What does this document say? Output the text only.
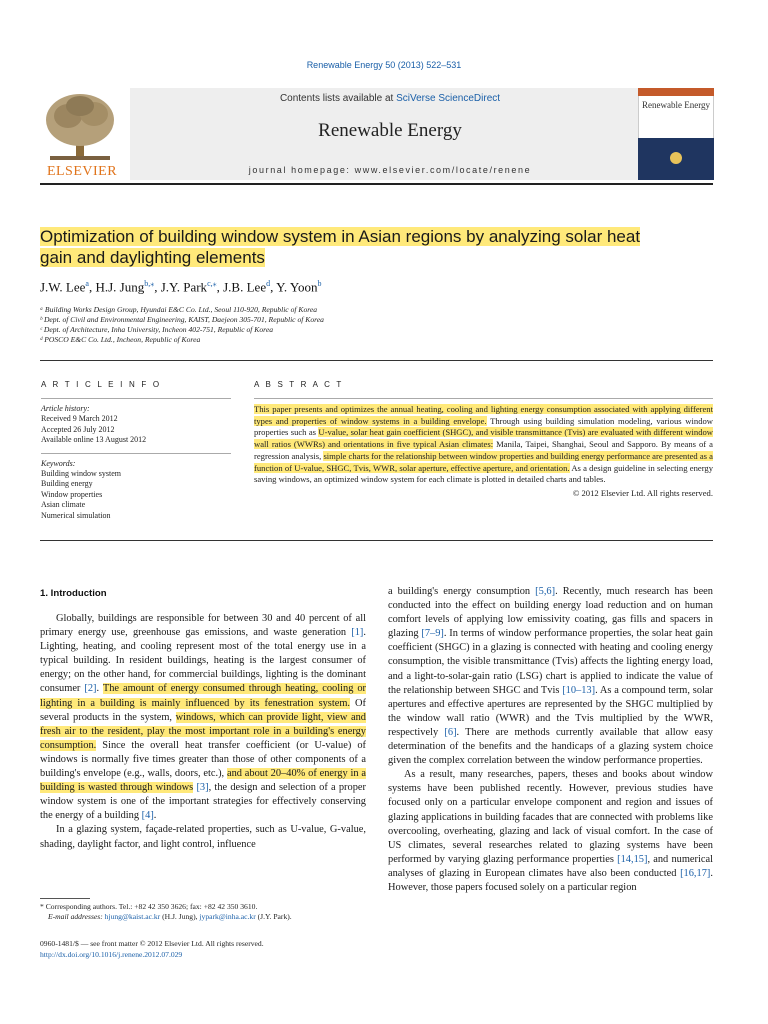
Renewable Energy 50 (2013) 522–531
ELSEVIER
Contents lists available at SciVerse ScienceDirect
Renewable Energy
journal homepage: www.elsevier.com/locate/renene
Renewable Energy
Optimization of building window system in Asian regions by analyzing solar heat
gain and daylighting elements
J.W. Lee$^a$, H.J. Jung$^{b,⁎}$, J.Y. Park$^{c,⁎}$, J.B. Lee$^d$, Y. Yoon$^b$
ᵃ Building Works Design Group, Hyundai E&C Co. Ltd., Seoul 110-920, Republic of Korea
ᵇ Dept. of Civil and Environmental Engineering, KAIST, Daejeon 305-701, Republic of Korea
ᶜ Dept. of Architecture, Inha University, Incheon 402-751, Republic of Korea
ᵈ POSCO E&C Co. Ltd., Incheon, Republic of Korea
A R T I C L E I N F O	A B S T R A C T
Article history:
Received 9 March 2012
Accepted 26 July 2012
Available online 13 August 2012
Keywords:
Building window system
Building energy
Window properties
Asian climate
Numerical simulation
This paper presents and optimizes the annual heating, cooling and lighting energy consumption associated with applying different types and properties of window systems in a building envelope. Through using building simulation modeling, various window properties such as U-value, solar heat gain coefficient (SHGC), and visible transmittance (Tvis) are evaluated with different window wall ratios (WWRs) and orientations in five typical Asian climates: Manila, Taipei, Shanghai, Seoul and Sapporo. By means of a regression analysis, simple charts for the relationship between window properties and building energy performance are presented as a function of U-value, SHGC, Tvis, WWR, solar aperture, effective aperture, and orientation. As a design guideline in selecting energy saving windows, an optimized window system for each climate is plotted in detailed charts and tables.
© 2012 Elsevier Ltd. All rights reserved.
1. Introduction

Globally, buildings are responsible for between 30 and 40 percent of all primary energy use, greenhouse gas emissions, and waste generation [1]. Lighting, heating, and cooling represent most of the total energy use in a typical building. In resident buildings, heating is the largest consumer of energy; on the other hand, for commercial buildings, lighting is the dominant consumer [2]. The amount of energy consumed through heating, cooling or lighting in a building is mainly influenced by its fenestration system. Of several products in the system, windows, which can provide light, view and fresh air to the resident, play the most important role in a building's energy consumption. Since the overall heat transfer coefficient (or U-value) of windows is normally five times greater than those of other components of a building's envelope (e.g., walls, doors, etc.), and about 20–40% of energy in a building is wasted through windows [3], the design and selection of a proper window system is one of the important strategies for effectively conserving the energy of a building [4].

In a glazing system, façade-related properties, such as U-value, G-value, shading, daylight factor, and light control, influence

a building's energy consumption [5,6]. Recently, much research has been conducted into the effect on building energy load reduction and on human comfort levels of applying low emissivity coating, gas fills and spacers in glazing [7–9]. In terms of window performance properties, the solar heat gain coefficient (SHGC) in a glazing is connected with heating and cooling energy consumption, the visible transmittance (Tvis) affects the lighting energy load, and a light-to-solar-gain ratio (LSG) chart is applied to indicate the value of the relationship between SHGC and Tvis [10–13]. As a compound term, solar apertures and effective apertures are represented by the SHGC multiplied by the window wall ratio (WWR) and the Tvis multiplied by the WWR, respectively [6]. There are methods currently available that allow easy determination of the benefits and the handicaps of a glazing system choice given the complex correlation between the window performance properties.

As a result, many researches, papers, theses and books about window systems have been published recently. However, previous studies have focused only on a particular envelope component and region and issues of glazing applications in building facades that are connected with problems like overcooling, overheating, glazing and lack of visual comfort. In the case of US climates, several researches related to glazing systems have been performed by varying glazing performance properties [14,15], and numerical analyses of glazing in European climates have also been conducted [16,17]. However, those papers focused solely on a particular region

* Corresponding authors. Tel.: +82 42 350 3626; fax: +82 42 350 3610.
E-mail addresses: hjung@kaist.ac.kr (H.J. Jung), jypark@inha.ac.kr (J.Y. Park).
0960-1481/$ — see front matter © 2012 Elsevier Ltd. All rights reserved.
http://dx.doi.org/10.1016/j.renene.2012.07.029
